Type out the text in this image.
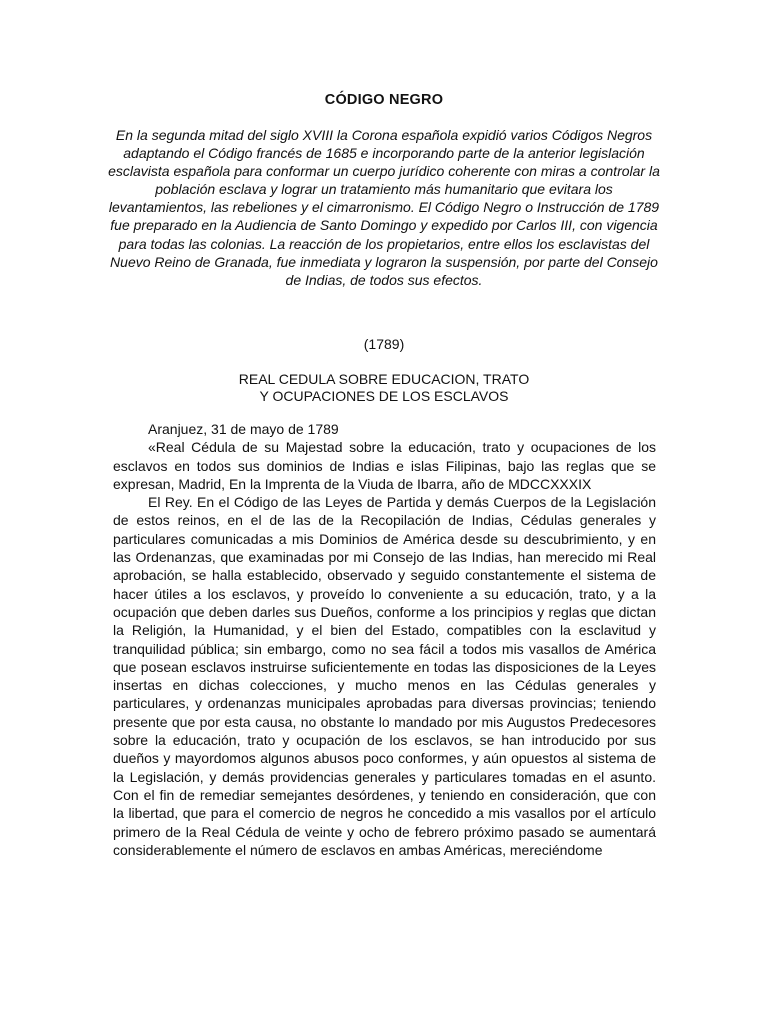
CÓDIGO NEGRO
En la segunda mitad del siglo XVIII la Corona española expidió varios Códigos Negros adaptando el Código francés de 1685 e incorporando parte de la anterior legislación esclavista española para conformar un cuerpo jurídico coherente con miras a controlar la población esclava y lograr un tratamiento más humanitario que evitara los levantamientos, las rebeliones y el cimarronismo. El Código Negro o Instrucción de 1789 fue preparado en la Audiencia de Santo Domingo y expedido por Carlos III, con vigencia para todas las colonias. La reacción de los propietarios, entre ellos los esclavistas del Nuevo Reino de Granada, fue inmediata y lograron la suspensión, por parte del Consejo de Indias, de todos sus efectos.
(1789)
REAL CEDULA SOBRE EDUCACION, TRATO
Y OCUPACIONES DE LOS ESCLAVOS

Aranjuez, 31 de mayo de 1789

«Real Cédula de su Majestad sobre la educación, trato y ocupaciones de los esclavos en todos sus dominios de Indias e islas Filipinas, bajo las reglas que se expresan, Madrid, En la Imprenta de la Viuda de Ibarra, año de MDCCXXXIX

El Rey. En el Código de las Leyes de Partida y demás Cuerpos de la Legislación de estos reinos, en el de las de la Recopilación de Indias, Cédulas generales y particulares comunicadas a mis Dominios de América desde su descubrimiento, y en las Ordenanzas, que examinadas por mi Consejo de las Indias, han merecido mi Real aprobación, se halla establecido, observado y seguido constantemente el sistema de hacer útiles a los esclavos, y proveído lo conveniente a su educación, trato, y a la ocupación que deben darles sus Dueños, conforme a los principios y reglas que dictan la Religión, la Humanidad, y el bien del Estado, compatibles con la esclavitud y tranquilidad pública; sin embargo, como no sea fácil a todos mis vasallos de América que posean esclavos instruirse suficientemente en todas las disposiciones de la Leyes insertas en dichas colecciones, y mucho menos en las Cédulas generales y particulares, y ordenanzas municipales aprobadas para diversas provincias; teniendo presente que por esta causa, no obstante lo mandado por mis Augustos Predecesores sobre la educación, trato y ocupación de los esclavos, se han introducido por sus dueños y mayordomos algunos abusos poco conformes, y aún opuestos al sistema de la Legislación, y demás providencias generales y particulares tomadas en el asunto. Con el fin de remediar semejantes desórdenes, y teniendo en consideración, que con la libertad, que para el comercio de negros he concedido a mis vasallos por el artículo primero de la Real Cédula de veinte y ocho de febrero próximo pasado se aumentará considerablemente el número de esclavos en ambas Américas, mereciéndome
